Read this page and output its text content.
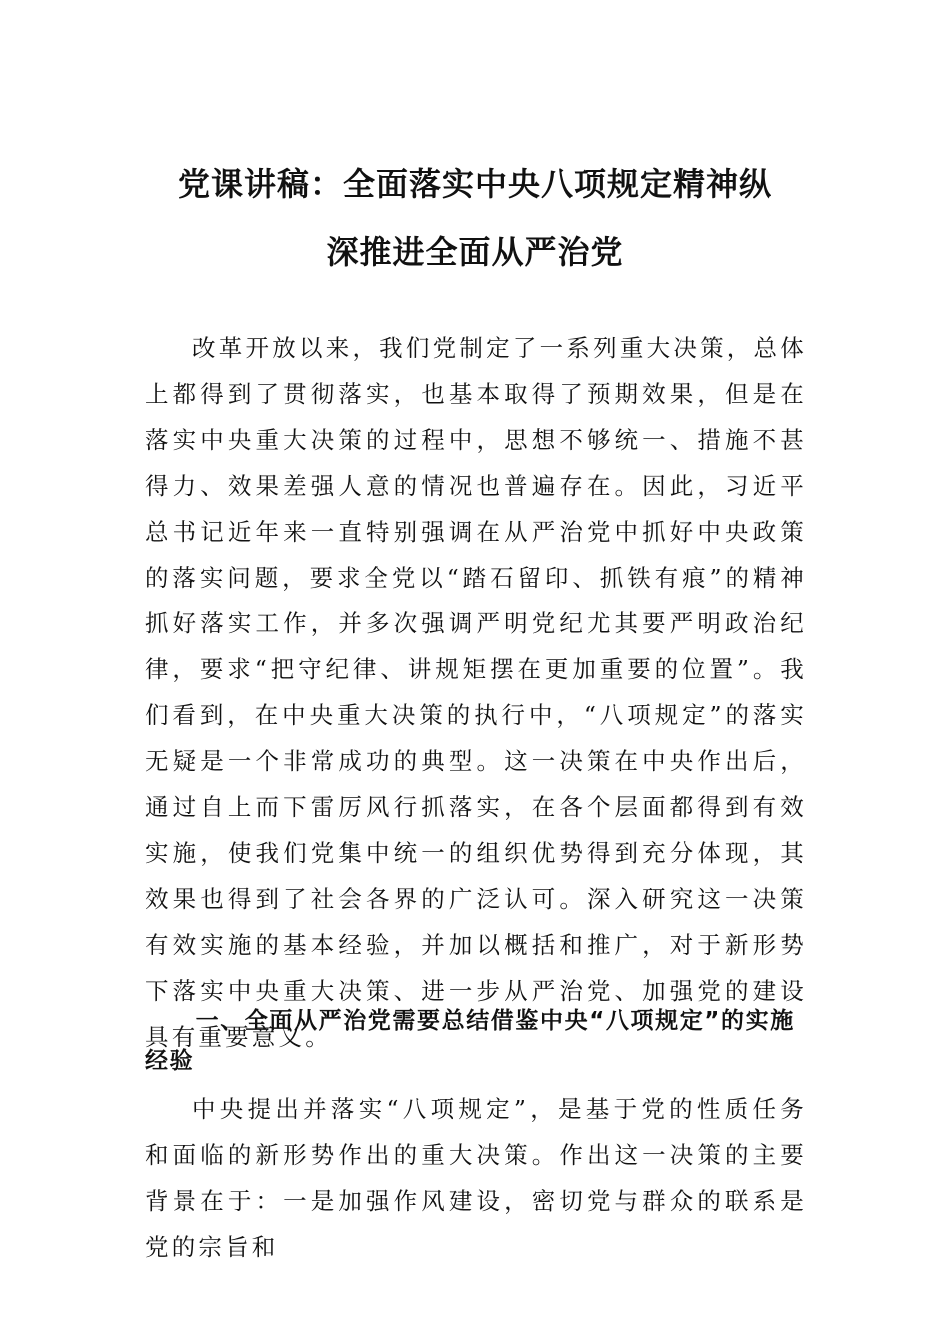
党课讲稿：全面落实中央八项规定精神纵
深推进全面从严治党

改革开放以来，我们党制定了一系列重大决策，总体上都得到了贯彻落实，也基本取得了预期效果，但是在落实中央重大决策的过程中，思想不够统一、措施不甚得力、效果差强人意的情况也普遍存在。因此，习近平总书记近年来一直特别强调在从严治党中抓好中央政策的落实问题，要求全党以“踏石留印、抓铁有痕”的精神抓好落实工作，并多次强调严明党纪尤其要严明政治纪律，要求“把守纪律、讲规矩摆在更加重要的位置”。我们看到，在中央重大决策的执行中，“八项规定”的落实无疑是一个非常成功的典型。这一决策在中央作出后，通过自上而下雷厉风行抓落实，在各个层面都得到有效实施，使我们党集中统一的组织优势得到充分体现，其效果也得到了社会各界的广泛认可。深入研究这一决策有效实施的基本经验，并加以概括和推广，对于新形势下落实中央重大决策、进一步从严治党、加强党的建设具有重要意义。

一、全面从严治党需要总结借鉴中央“八项规定”的实施经验

中央提出并落实“八项规定”，是基于党的性质任务和面临的新形势作出的重大决策。作出这一决策的主要背景在于：一是加强作风建设，密切党与群众的联系是党的宗旨和
